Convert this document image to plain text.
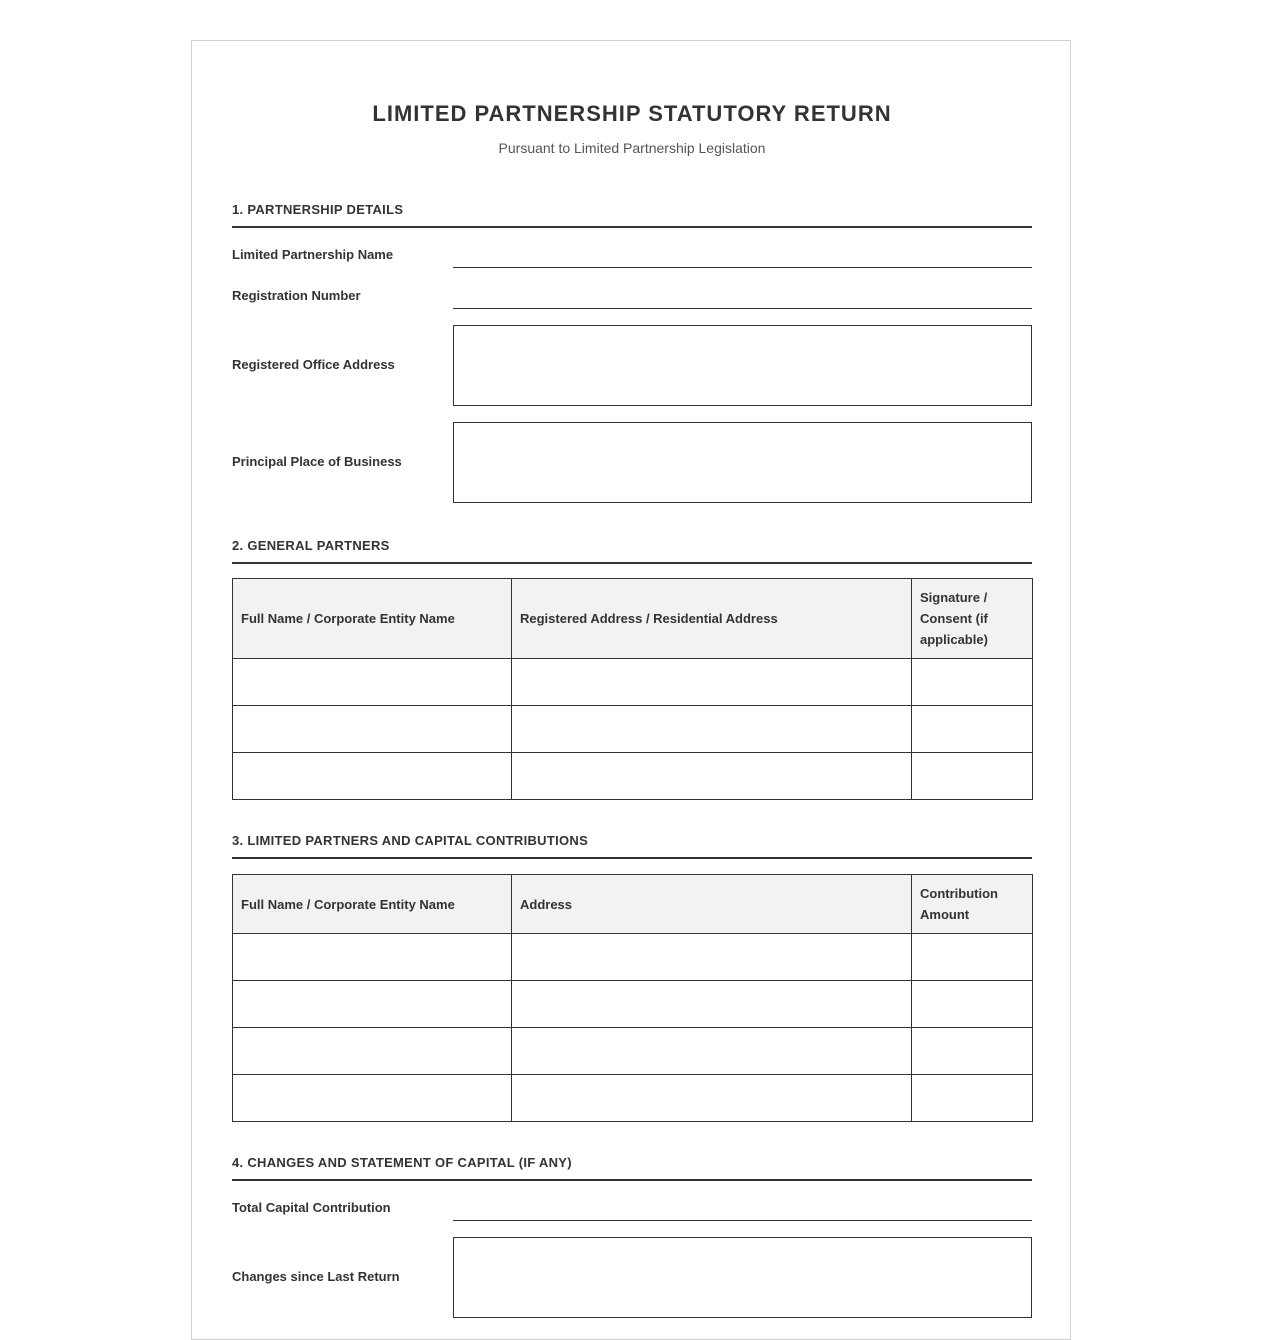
LIMITED PARTNERSHIP STATUTORY RETURN
Pursuant to Limited Partnership Legislation
1. PARTNERSHIP DETAILS
Limited Partnership Name
Registration Number
Registered Office Address
Principal Place of Business
2. GENERAL PARTNERS
Full Name / Corporate Entity Name	Registered Address / Residential Address	Signature / Consent (if applicable)

3. LIMITED PARTNERS AND CAPITAL CONTRIBUTIONS
Full Name / Corporate Entity Name	Address	Contribution Amount

4. CHANGES AND STATEMENT OF CAPITAL (IF ANY)
Total Capital Contribution
Changes since Last Return
